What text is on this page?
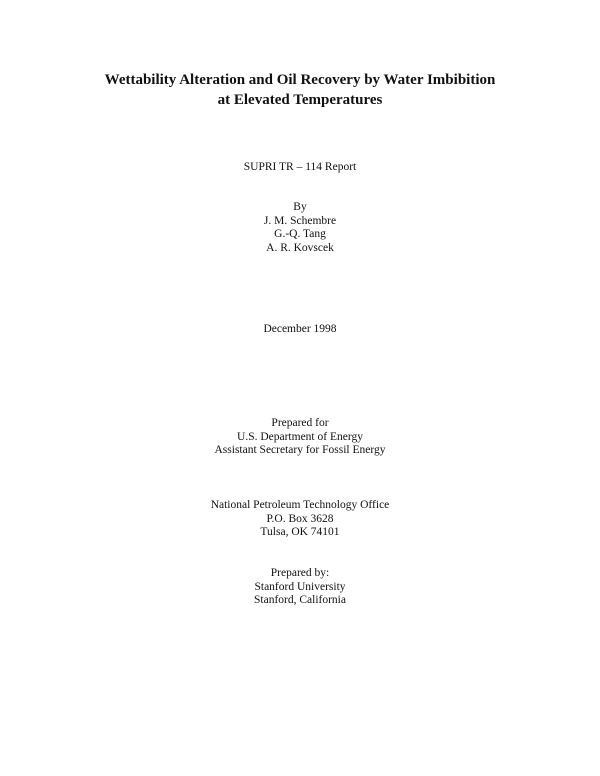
Wettability Alteration and Oil Recovery by Water Imbibition
at Elevated Temperatures
SUPRI TR – 114 Report
By
J. M. Schembre
G.-Q. Tang
A. R. Kovscek
December 1998
Prepared for
U.S. Department of Energy
Assistant Secretary for Fossil Energy
National Petroleum Technology Office
P.O. Box 3628
Tulsa, OK 74101
Prepared by:
Stanford University
Stanford, California
